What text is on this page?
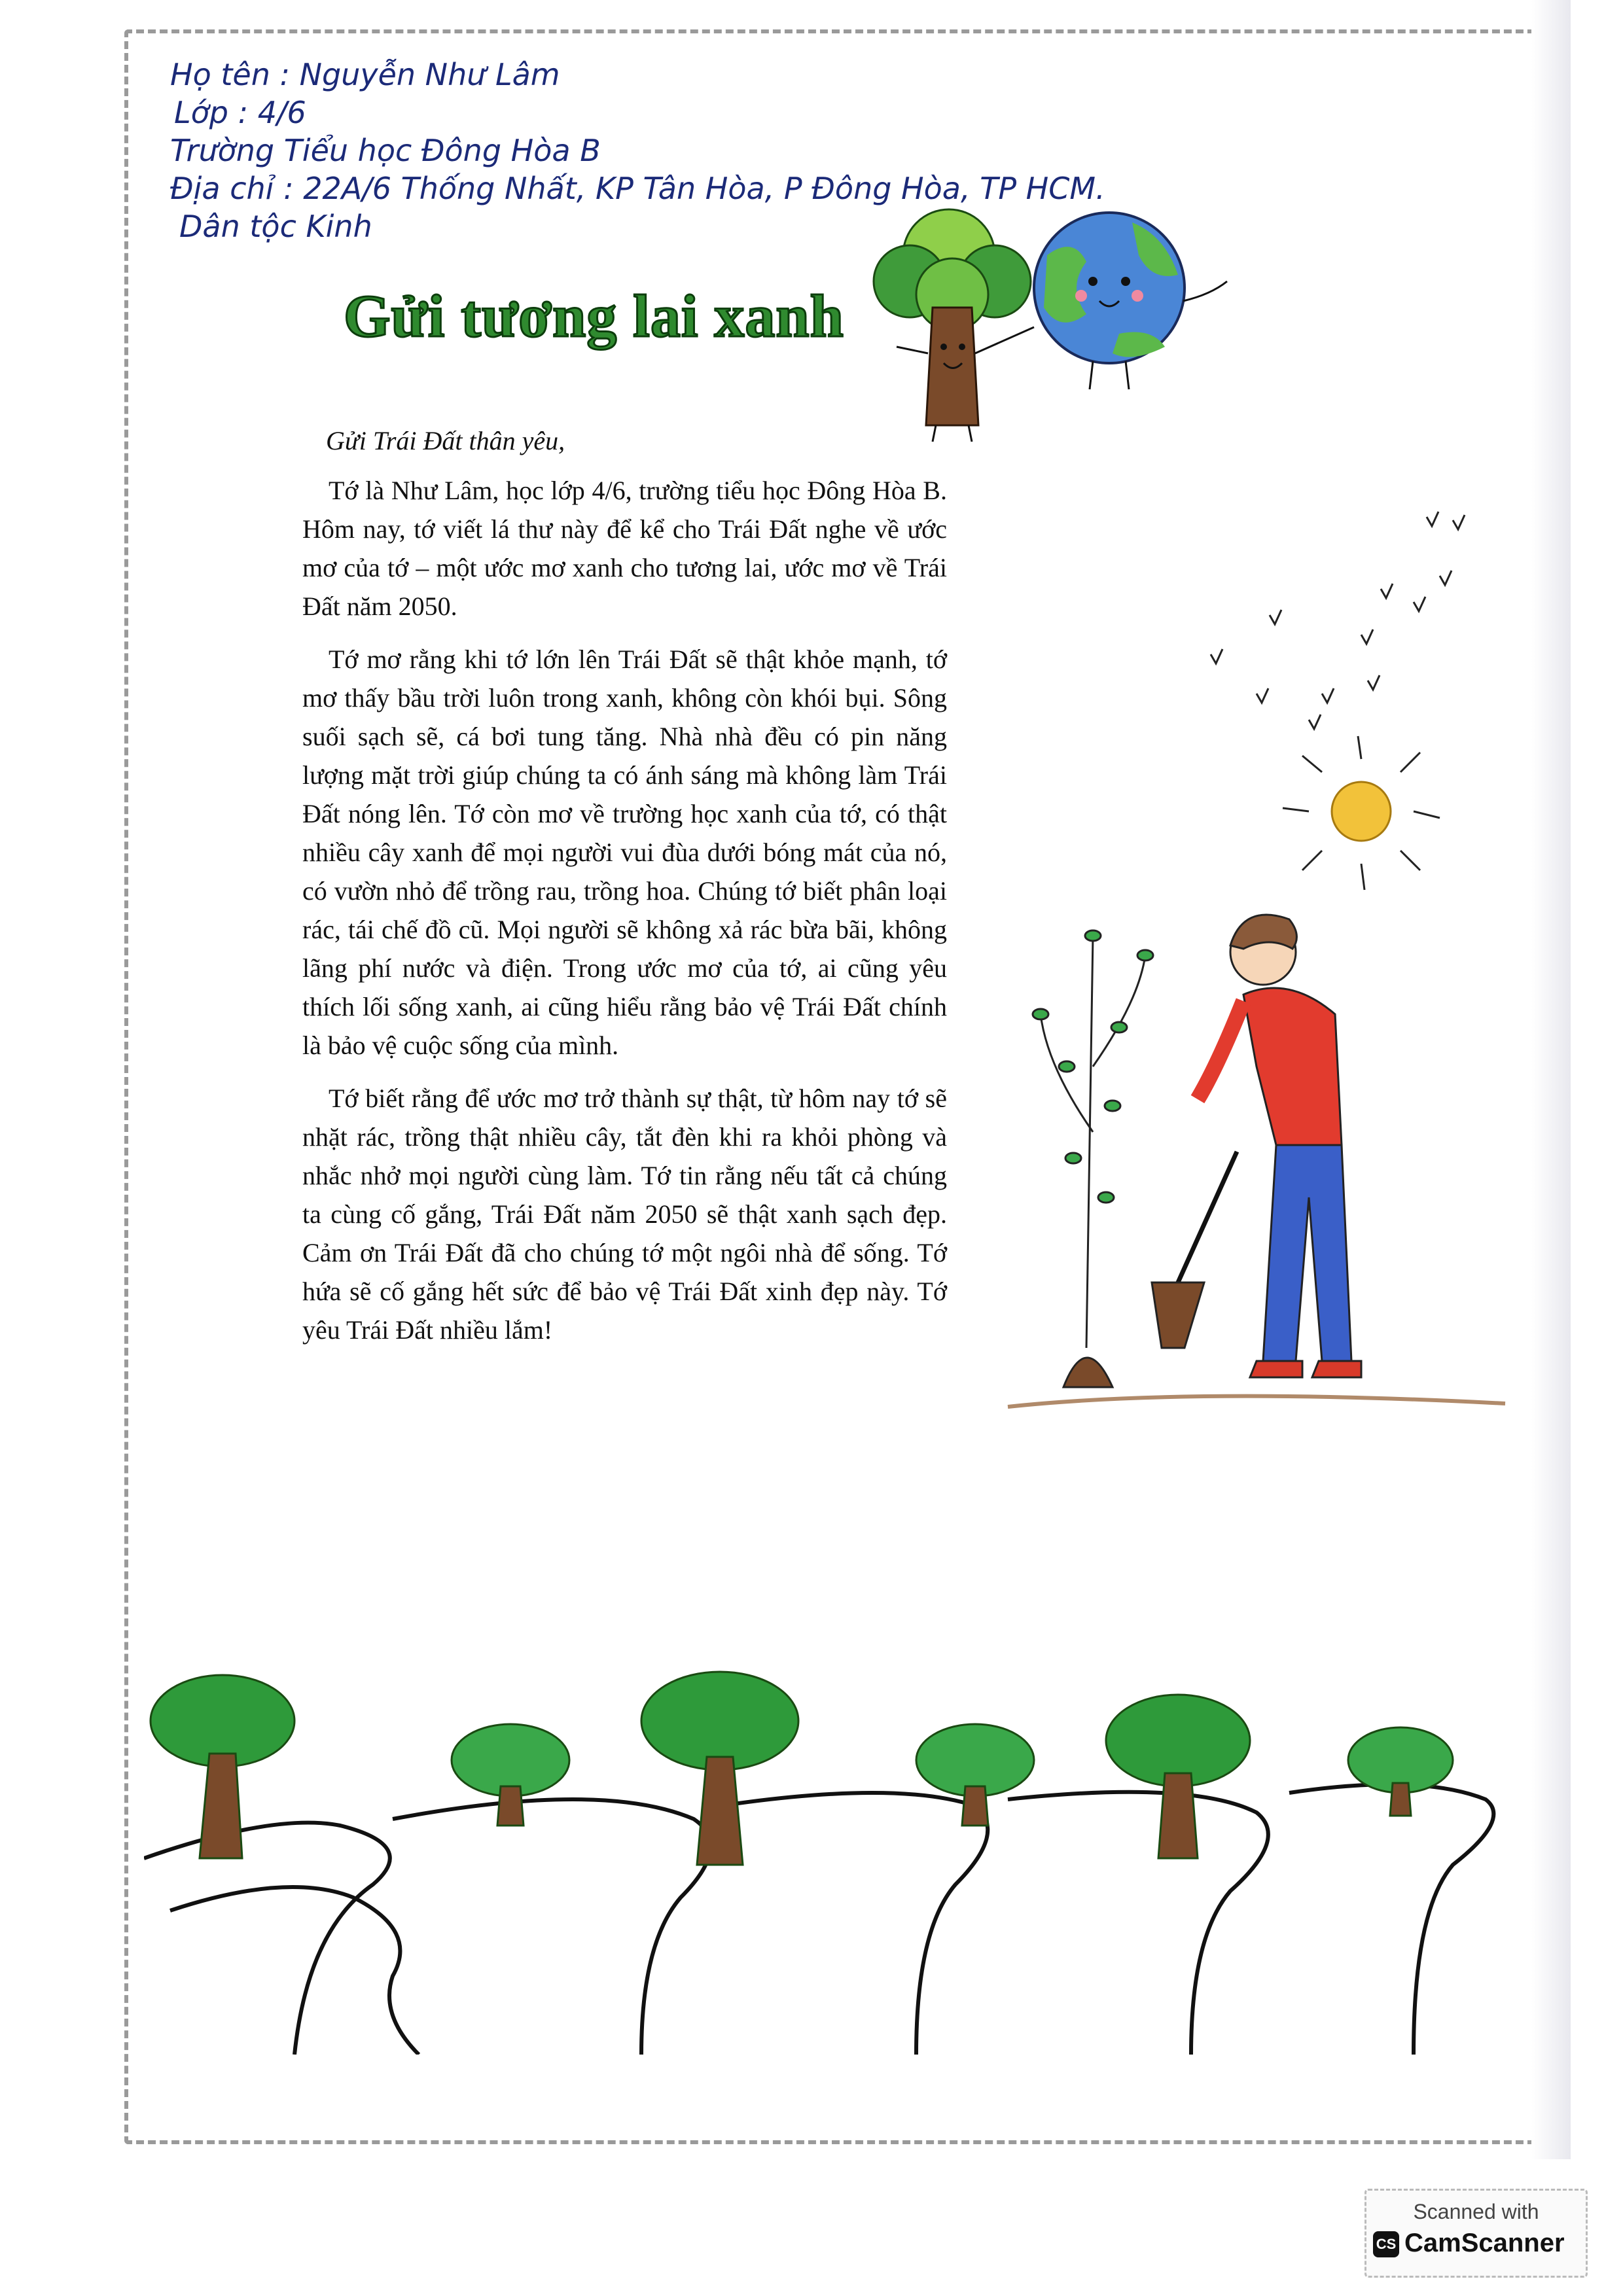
Họ tên : Nguyễn Như Lâm
Lớp : 4/6
Trường Tiểu học Đông Hòa B
Địa chỉ : 22A/6 Thống Nhất, KP Tân Hòa, P Đông Hòa, TP HCM.
Dân tộc Kinh
Gửi tương lai xanh
Gửi Trái Đất thân yêu,

Tớ là Như Lâm, học lớp 4/6, trường tiểu học Đông Hòa B. Hôm nay, tớ viết lá thư này để kể cho Trái Đất nghe về ước mơ của tớ – một ước mơ xanh cho tương lai, ước mơ về Trái Đất năm 2050.

Tớ mơ rằng khi tớ lớn lên Trái Đất sẽ thật khỏe mạnh, tớ mơ thấy bầu trời luôn trong xanh, không còn khói bụi. Sông suối sạch sẽ, cá bơi tung tăng. Nhà nhà đều có pin năng lượng mặt trời giúp chúng ta có ánh sáng mà không làm Trái Đất nóng lên. Tớ còn mơ về trường học xanh của tớ, có thật nhiều cây xanh để mọi người vui đùa dưới bóng mát của nó, có vườn nhỏ để trồng rau, trồng hoa. Chúng tớ biết phân loại rác, tái chế đồ cũ. Mọi người sẽ không xả rác bừa bãi, không lãng phí nước và điện. Trong ước mơ của tớ, ai cũng yêu thích lối sống xanh, ai cũng hiểu rằng bảo vệ Trái Đất chính là bảo vệ cuộc sống của mình.

Tớ biết rằng để ước mơ trở thành sự thật, từ hôm nay tớ sẽ nhặt rác, trồng thật nhiều cây, tắt đèn khi ra khỏi phòng và nhắc nhở mọi người cùng làm. Tớ tin rằng nếu tất cả chúng ta cùng cố gắng, Trái Đất năm 2050 sẽ thật xanh sạch đẹp. Cảm ơn Trái Đất đã cho chúng tớ một ngôi nhà để sống. Tớ hứa sẽ cố gắng hết sức để bảo vệ Trái Đất xinh đẹp này. Tớ yêu Trái Đất nhiều lắm!

Scanned with
CS CamScanner
